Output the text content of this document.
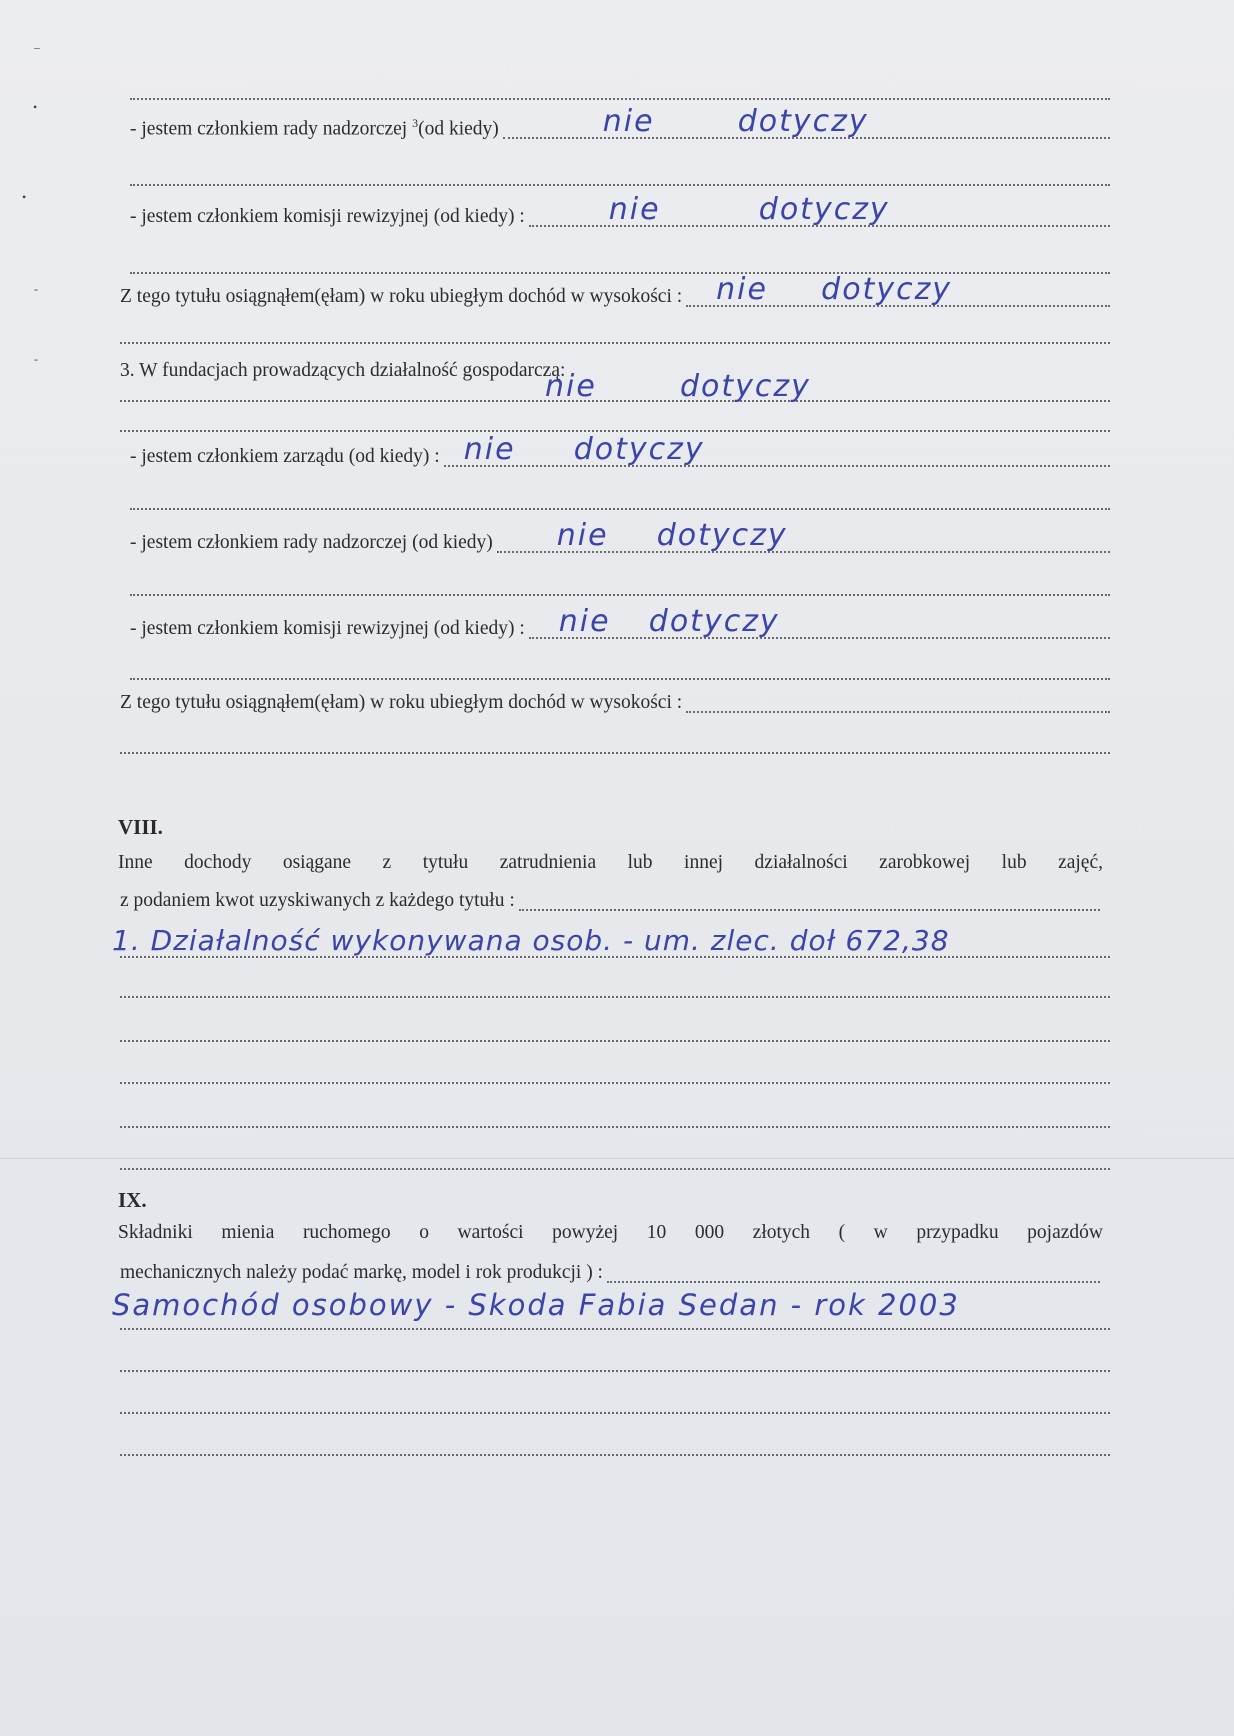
–
•
•
-
-
- jestem członkiem rady nadzorczej $^3$(od kiedy)	nie	dotyczy
- jestem członkiem komisji rewizyjnej (od kiedy) :	nie	dotyczy
Z tego tytułu osiągnąłem(ęłam) w roku ubiegłym dochód w wysokości : nie dotyczy
3. W fundacjach prowadzących działalność gospodarczą:
nie	dotyczy
- jestem członkiem zarządu (od kiedy) : nie dotyczy
- jestem członkiem rady nadzorczej (od kiedy) nie dotyczy
- jestem członkiem komisji rewizyjnej (od kiedy) : nie dotyczy
Z tego tytułu osiągnąłem(ęłam) w roku ubiegłym dochód w wysokości :
VIII.
Inne dochody osiągane z tytułu zatrudnienia lub innej działalności zarobkowej lub zajęć,
z podaniem kwot uzyskiwanych z każdego tytułu :
1. Działalność wykonywana osob. - um. zlec. doł 672,38
IX.
Składniki mienia ruchomego o wartości powyżej 10 000 złotych ( w przypadku pojazdów
mechanicznych należy podać markę, model i rok produkcji ) :
Samochód osobowy - Skoda Fabia Sedan - rok 2003
